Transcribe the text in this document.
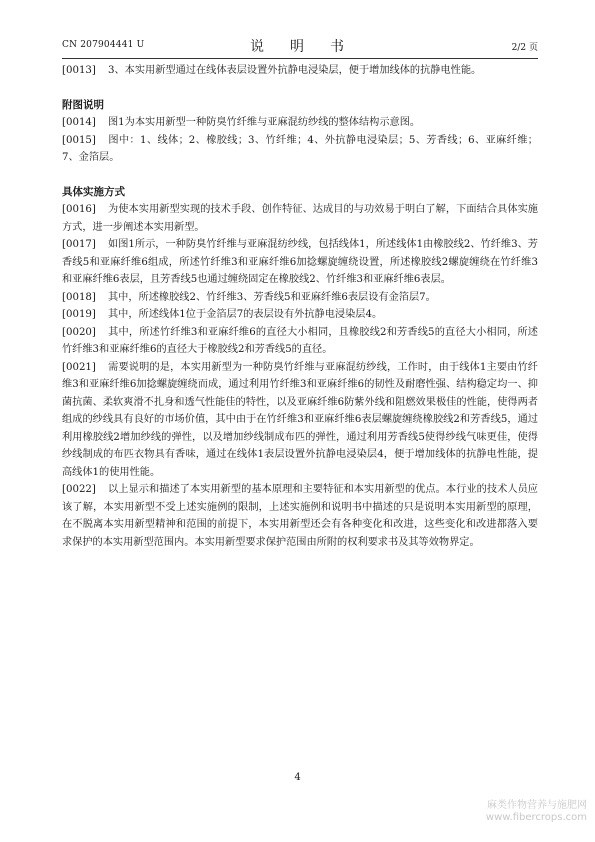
CN 207904441 U	说　明　书	2/2 页

[0013] 3、本实用新型通过在线体表层设置外抗静电浸染层，便于增加线体的抗静电性能。

附图说明

[0014] 图1为本实用新型一种防臭竹纤维与亚麻混纺纱线的整体结构示意图。

[0015] 图中：1、线体；2、橡胶线；3、竹纤维；4、外抗静电浸染层；5、芳香线；6、亚麻纤维；7、金箔层。

具体实施方式

[0016] 为使本实用新型实现的技术手段、创作特征、达成目的与功效易于明白了解，下面结合具体实施方式，进一步阐述本实用新型。

[0017] 如图1所示，一种防臭竹纤维与亚麻混纺纱线，包括线体1，所述线体1由橡胶线2、竹纤维3、芳香线5和亚麻纤维6组成，所述竹纤维3和亚麻纤维6加捻螺旋缠绕设置，所述橡胶线2螺旋缠绕在竹纤维3和亚麻纤维6表层，且芳香线5也通过缠绕固定在橡胶线2、竹纤维3和亚麻纤维6表层。

[0018] 其中，所述橡胶线2、竹纤维3、芳香线5和亚麻纤维6表层设有金箔层7。

[0019] 其中，所述线体1位于金箔层7的表层设有外抗静电浸染层4。

[0020] 其中，所述竹纤维3和亚麻纤维6的直径大小相同，且橡胶线2和芳香线5的直径大小相同，所述竹纤维3和亚麻纤维6的直径大于橡胶线2和芳香线5的直径。

[0021] 需要说明的是，本实用新型为一种防臭竹纤维与亚麻混纺纱线，工作时，由于线体1主要由竹纤维3和亚麻纤维6加捻螺旋缠绕而成，通过利用竹纤维3和亚麻纤维6的韧性及耐磨性强、结构稳定均一、抑菌抗菌、柔软爽滑不扎身和透气性能佳的特性，以及亚麻纤维6防紫外线和阻燃效果极佳的性能，使得两者组成的纱线具有良好的市场价值，其中由于在竹纤维3和亚麻纤维6表层螺旋缠绕橡胶线2和芳香线5，通过利用橡胶线2增加纱线的弹性，以及增加纱线制成布匹的弹性，通过利用芳香线5使得纱线气味更佳，使得纱线制成的布匹衣物具有香味，通过在线体1表层设置外抗静电浸染层4，便于增加线体的抗静电性能，提高线体1的使用性能。

[0022] 以上显示和描述了本实用新型的基本原理和主要特征和本实用新型的优点。本行业的技术人员应该了解，本实用新型不受上述实施例的限制，上述实施例和说明书中描述的只是说明本实用新型的原理，在不脱离本实用新型精神和范围的前提下，本实用新型还会有各种变化和改进，这些变化和改进都落入要求保护的本实用新型范围内。本实用新型要求保护范围由所附的权利要求书及其等效物界定。

4
麻类作物营养与施肥网
www.fibercrops.com
